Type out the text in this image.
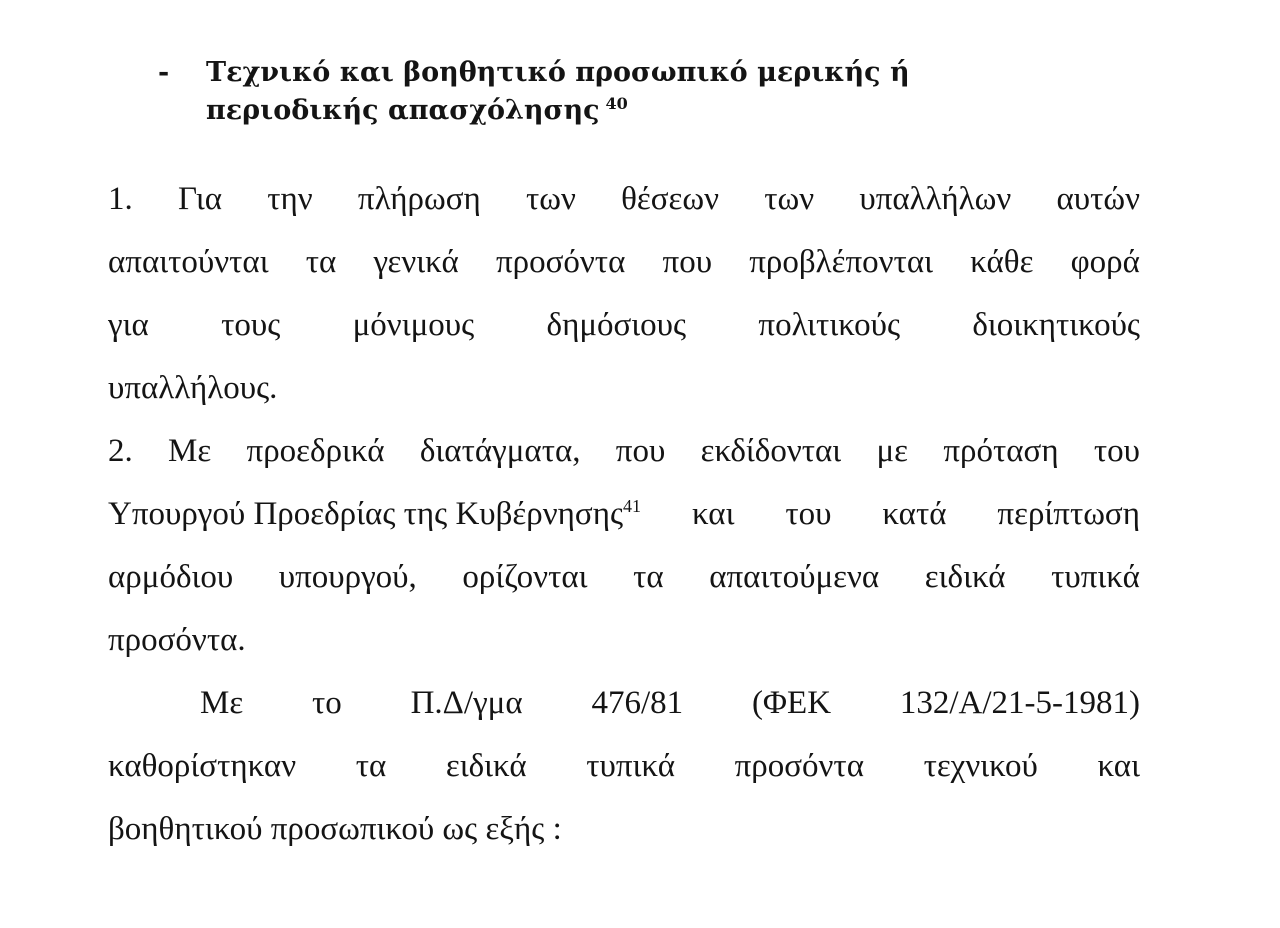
-	Τεχνικό και βοηθητικό προσωπικό μερικής ή
περιοδικής απασχόλησης $^{40}$
1. Για την πλήρωση των θέσεων των υπαλλήλων αυτών
απαιτούνται τα γενικά προσόντα που προβλέπονται κάθε φορά
για τους μόνιμους δημόσιους πολιτικούς διοικητικούς
υπαλλήλους.
2. Με προεδρικά διατάγματα, που εκδίδονται με πρόταση του
Υπουργού Προεδρίας της Κυβέρνησης$^{41}$ και του κατά περίπτωση
αρμόδιου υπουργού, ορίζονται τα απαιτούμενα ειδικά τυπικά
προσόντα.
Με το Π.Δ/γμα 476/81 (ΦΕΚ 132/Α/21-5-1981)
καθορίστηκαν τα ειδικά τυπικά προσόντα τεχνικού και
βοηθητικού προσωπικού ως εξής :
